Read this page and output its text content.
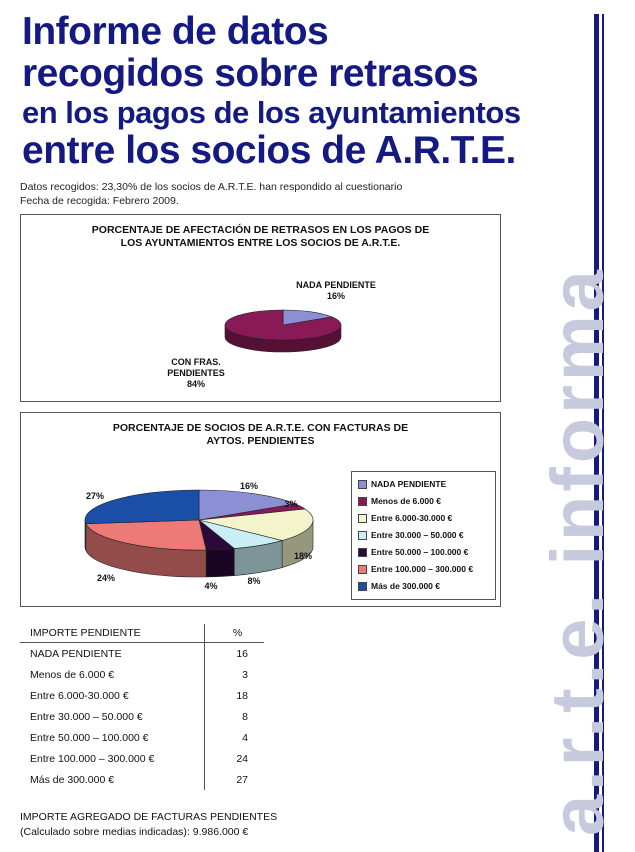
a.r.t.e. informa
Informe de datos
recogidos sobre retrasos
en los pagos de los ayuntamientos
entre los socios de A.R.T.E.
Datos recogidos: 23,30% de los socios de A.R.T.E. han respondido al cuestionario
Fecha de recogida: Febrero 2009.
PORCENTAJE DE AFECTACIÓN DE RETRASOS EN LOS PAGOS DE
LOS AYUNTAMIENTOS ENTRE LOS SOCIOS DE A.R.T.E.
NADA PENDIENTE 16%
CON FRAS. PENDIENTES 84%
PORCENTAJE DE SOCIOS DE A.R.T.E. CON FACTURAS DE
AYTOS. PENDIENTES
16%
3%
18%
8%
4%
24%
27%
NADA PENDIENTE
Menos de 6.000 €
Entre 6.000-30.000 €
Entre 30.000 – 50.000 €
Entre 50.000 – 100.000 €
Entre 100.000 – 300.000 €
Más de 300.000 €
IMPORTE PENDIENTE	%
NADA PENDIENTE	16
Menos de 6.000 €	3
Entre 6.000-30.000 €	18
Entre 30.000 – 50.000 €	8
Entre 50.000 – 100.000 €	4
Entre 100.000 – 300.000 €	24
Más de 300.000 €	27
IMPORTE AGREGADO DE FACTURAS PENDIENTES
(Calculado sobre medias indicadas): 9.986.000 €
